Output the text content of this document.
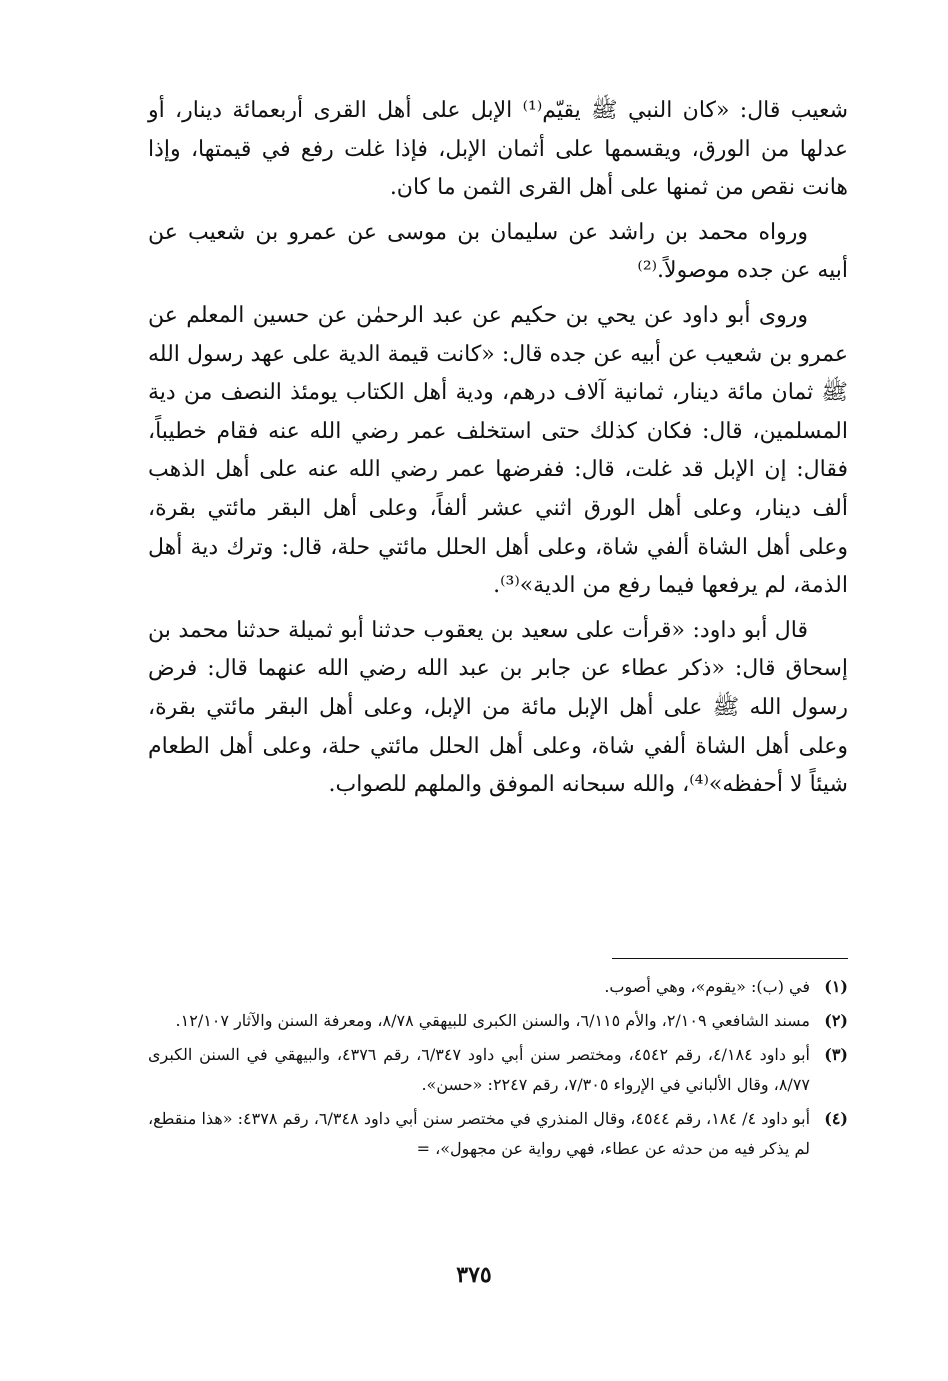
شعيب قال: «كان النبي ﷺ يقيّم⁽¹⁾ الإبل على أهل القرى أربعمائة دينار، أو عدلها من الورق، ويقسمها على أثمان الإبل، فإذا غلت رفع في قيمتها، وإذا هانت نقص من ثمنها على أهل القرى الثمن ما كان.

ورواه محمد بن راشد عن سليمان بن موسى عن عمرو بن شعيب عن أبيه عن جده موصولاً.⁽²⁾

وروى أبو داود عن يحي بن حكيم عن عبد الرحمٰن عن حسين المعلم عن عمرو بن شعيب عن أبيه عن جده قال: «كانت قيمة الدية على عهد رسول الله ﷺ ثمان مائة دينار، ثمانية آلاف درهم، ودية أهل الكتاب يومئذ النصف من دية المسلمين، قال: فكان كذلك حتى استخلف عمر رضي الله عنه فقام خطيباً، فقال: إن الإبل قد غلت، قال: ففرضها عمر رضي الله عنه على أهل الذهب ألف دينار، وعلى أهل الورق اثني عشر ألفاً، وعلى أهل البقر مائتي بقرة، وعلى أهل الشاة ألفي شاة، وعلى أهل الحلل مائتي حلة، قال: وترك دية أهل الذمة، لم يرفعها فيما رفع من الدية»⁽³⁾.

قال أبو داود: «قرأت على سعيد بن يعقوب حدثنا أبو ثميلة حدثنا محمد بن إسحاق قال: «ذكر عطاء عن جابر بن عبد الله رضي الله عنهما قال: فرض رسول الله ﷺ على أهل الإبل مائة من الإبل، وعلى أهل البقر مائتي بقرة، وعلى أهل الشاة ألفي شاة، وعلى أهل الحلل مائتي حلة، وعلى أهل الطعام شيئاً لا أحفظه»⁽⁴⁾، والله سبحانه الموفق والملهم للصواب.

(١)
في (ب): «يقوم»، وهي أصوب.
(٢)
مسند الشافعي ٢/١٠٩، والأم ٦/١١٥، والسنن الكبرى للبيهقي ٨/٧٨، ومعرفة السنن والآثار ١٢/١٠٧.
(٣)
أبو داود ٤/١٨٤، رقم ٤٥٤٢، ومختصر سنن أبي داود ٦/٣٤٧، رقم ٤٣٧٦، والبيهقي في السنن الكبرى ٨/٧٧، وقال الألباني في الإرواء ٧/٣٠٥، رقم ٢٢٤٧: «حسن».
(٤)
أبو داود ٤/ ١٨٤، رقم ٤٥٤٤، وقال المنذري في مختصر سنن أبي داود ٦/٣٤٨، رقم ٤٣٧٨: «هذا منقطع، لم يذكر فيه من حدثه عن عطاء، فهي رواية عن مجهول»، =
٣٧٥
